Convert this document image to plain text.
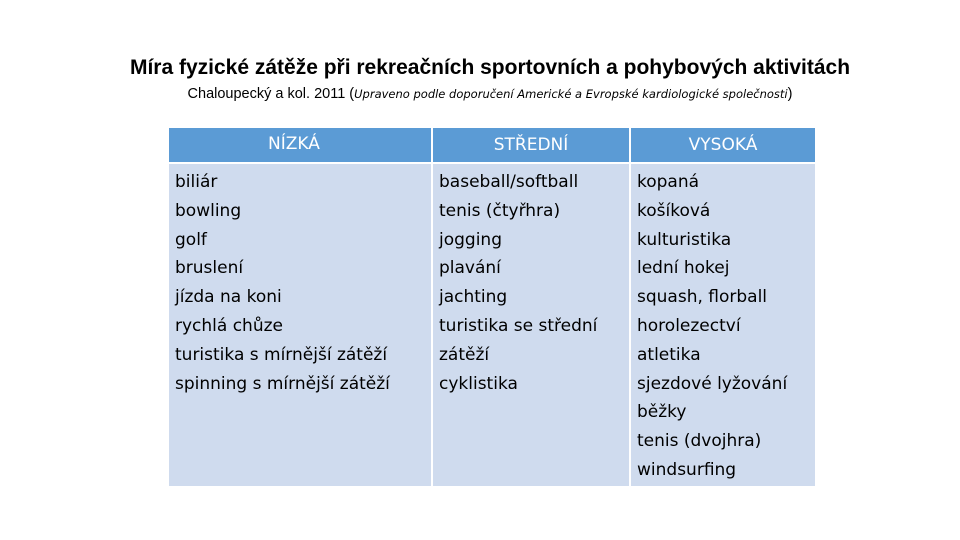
Míra fyzické zátěže při rekreačních sportovních a pohybových aktivitách
Chaloupecký a kol. 2011 (Upraveno podle doporučení Americké a Evropské kardiologické společnosti)
NÍZKÁ	STŘEDNÍ	VYSOKÁ
biliár
bowling
golf
bruslení
jízda na koni
rychlá chůze
turistika s mírnější zátěží
spinning s mírnější zátěží
baseball/softball
tenis (čtyřhra)
jogging
plavání
jachting
turistika se střední
zátěží
cyklistika
kopaná
košíková
kulturistika
lední hokej
squash, florball
horolezectví
atletika
sjezdové lyžování
běžky
tenis (dvojhra)
windsurfing
